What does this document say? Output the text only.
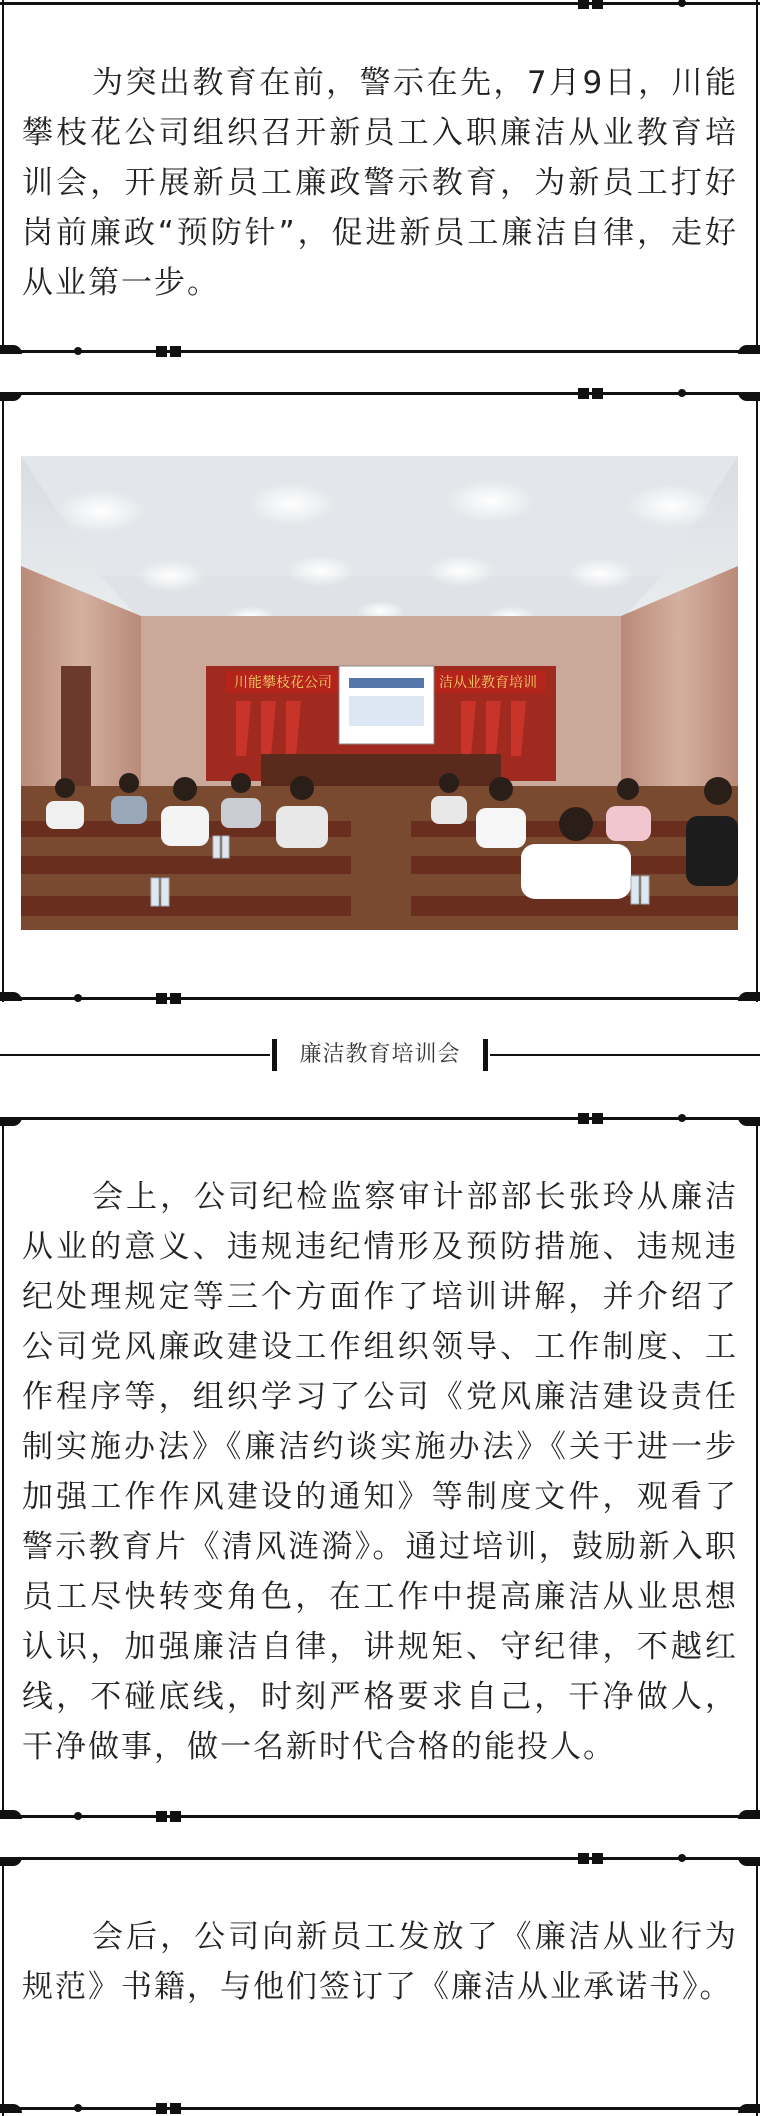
为突出教育在前，警示在先，7月9日，川能攀枝花公司组织召开新员工入职廉洁从业教育培训会，开展新员工廉政警示教育，为新员工打好岗前廉政“预防针”，促进新员工廉洁自律，走好从业第一步。

川能攀枝花公司	洁从业教育培训
廉洁教育培训会

会上，公司纪检监察审计部部长张玲从廉洁从业的意义、违规违纪情形及预防措施、违规违纪处理规定等三个方面作了培训讲解，并介绍了公司党风廉政建设工作组织领导、工作制度、工作程序等，组织学习了公司《党风廉洁建设责任制实施办法》《廉洁约谈实施办法》《关于进一步加强工作作风建设的通知》等制度文件，观看了警示教育片《清风涟漪》。通过培训，鼓励新入职员工尽快转变角色，在工作中提高廉洁从业思想认识，加强廉洁自律，讲规矩、守纪律，不越红线，不碰底线，时刻严格要求自己，干净做人，干净做事，做一名新时代合格的能投人。

会后，公司向新员工发放了《廉洁从业行为规范》书籍，与他们签订了《廉洁从业承诺书》。
